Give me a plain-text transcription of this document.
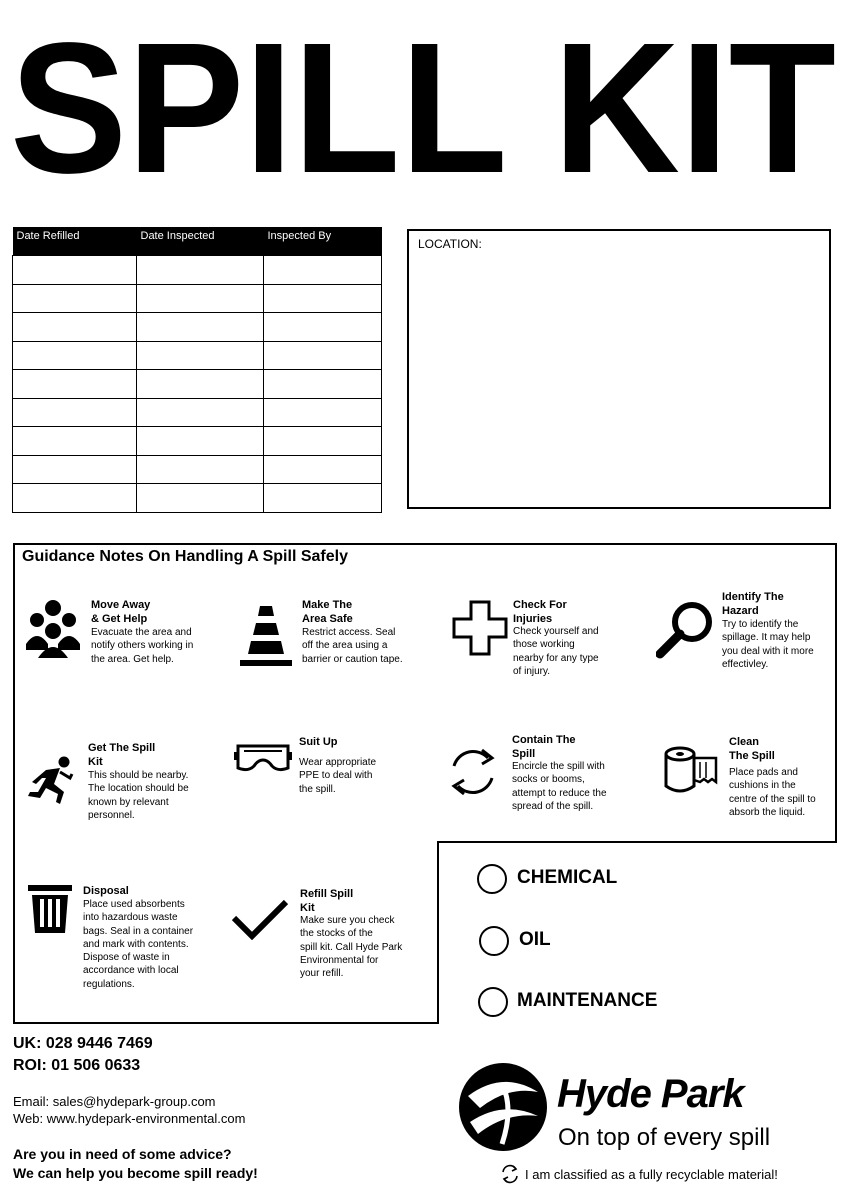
SPILL KIT
Date Refilled	Date Inspected	Inspected By

LOCATION:
Guidance Notes On Handling A Spill Safely
Move Away
& Get Help
Evacuate the area and
notify others working in
the area. Get help.
Make The
Area Safe
Restrict access. Seal
off the area using a
barrier or caution tape.
Check For
Injuries
Check yourself and
those working
nearby for any type
of injury.
Identify The
Hazard
Try to identify the
spillage. It may help
you deal with it more
effectivley.
Get The Spill
Kit
This should be nearby.
The location should be
known by relevant
personnel.
Suit Up
Wear appropriate
PPE to deal with
the spill.
Contain The
Spill
Encircle the spill with
socks or booms,
attempt to reduce the
spread of the spill.
Clean
The Spill
Place pads and
cushions in the
centre of the spill to
absorb the liquid.
Disposal
Place used absorbents
into hazardous waste
bags. Seal in a container
and mark with contents.
Dispose of waste in
accordance with local
regulations.
Refill Spill
Kit
Make sure you check
the stocks of the
spill kit. Call Hyde Park
Environmental for
your refill.
CHEMICAL
OIL
MAINTENANCE
UK: 028 9446 7469
ROI: 01 506 0633
Email: sales@hydepark-group.com
Web: www.hydepark-environmental.com
Are you in need of some advice?
We can help you become spill ready!
Hyde Park
On top of every spill
I am classified as a fully recyclable material!
